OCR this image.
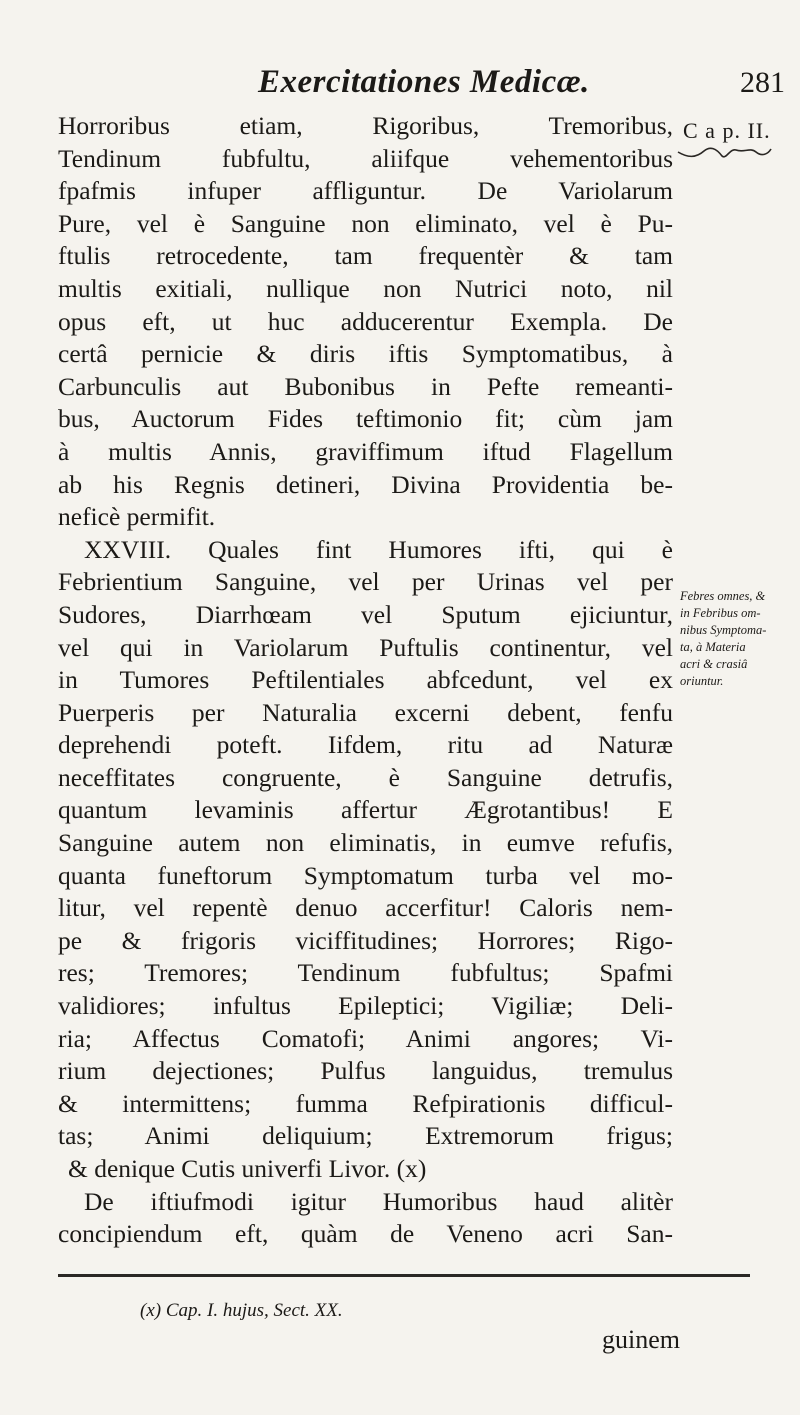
Exercitationes Medicæ.	281
C a p. II.
Horroribus etiam, Rigoribus, Tremoribus,
Tendinum fubfultu, aliifque vehementoribus
fpafmis infuper affliguntur. De Variolarum
Pure, vel è Sanguine non eliminato, vel è Pu-
ftulis retrocedente, tam frequentèr & tam
multis exitiali, nullique non Nutrici noto, nil
opus eft, ut huc adducerentur Exempla. De
certâ pernicie & diris iftis Symptomatibus, à
Carbunculis aut Bubonibus in Pefte remeanti-
bus, Auctorum Fides teftimonio fit; cùm jam
à multis Annis, graviffimum iftud Flagellum
ab his Regnis detineri, Divina Providentia be-
neficè permifit.
XXVIII. Quales fint Humores ifti, qui è
Febrientium Sanguine, vel per Urinas vel per
Sudores, Diarrhœam vel Sputum ejiciuntur,
vel qui in Variolarum Puftulis continentur, vel
in Tumores Peftilentiales abfcedunt, vel ex
Puerperis per Naturalia excerni debent, fenfu
deprehendi poteft. Iifdem, ritu ad Naturæ
neceffitates congruente, è Sanguine detrufis,
quantum levaminis affertur Ægrotantibus! E
Sanguine autem non eliminatis, in eumve refufis,
quanta funeftorum Symptomatum turba vel mo-
litur, vel repentè denuo accerfitur! Caloris nem-
pe & frigoris viciffitudines; Horrores; Rigo-
res; Tremores; Tendinum fubfultus; Spafmi
validiores; infultus Epileptici; Vigiliæ; Deli-
ria; Affectus Comatofi; Animi angores; Vi-
rium dejectiones; Pulfus languidus, tremulus
& intermittens; fumma Refpirationis difficul-
tas; Animi deliquium; Extremorum frigus;
& denique Cutis univerfi Livor. (x)
De iftiufmodi igitur Humoribus haud alitèr
concipiendum eft, quàm de Veneno acri San-
Febres omnes, &
in Febribus om-
nibus Symptoma-
ta, à Materia
acri & crasiâ
oriuntur.
(x) Cap. I. hujus, Sect. XX.
guinem
